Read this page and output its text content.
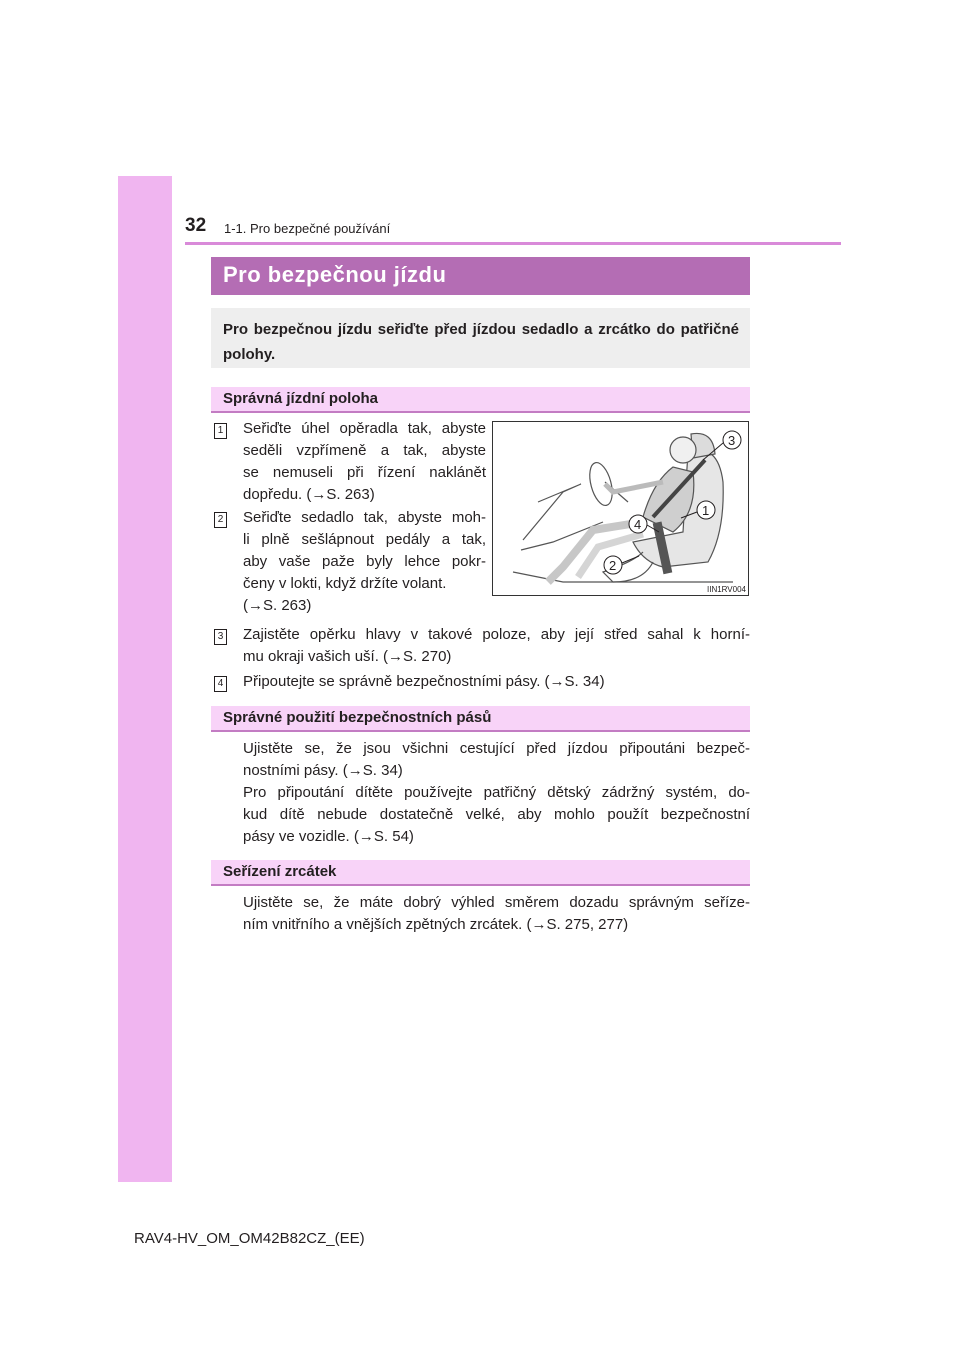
32 1-1. Pro bezpečné používání
Pro bezpečnou jízdu
Pro bezpečnou jízdu seřiďte před jízdou sedadlo a zrcátko do patřičné polohy.
Správná jízdní poloha
1 Seřiďte úhel opěradla tak, abyste
seděli vzpřímeně a tak, abyste
se nemuseli při řízení naklánět
dopředu. (→S. 263)
2 Seřiďte sedadlo tak, abyste moh-
li plně sešlápnout pedály a tak,
aby vaše paže byly lehce pokr-
čeny v lokti, když držíte volant.
(→S. 263)
3 Zajistěte opěrku hlavy v takové poloze, aby její střed sahal k horní-
mu okraji vašich uší. (→S. 270)
4 Připoutejte se správně bezpečnostními pásy. (→S. 34)
3
1
4
2
IIN1RV004
Správné použití bezpečnostních pásů
Ujistěte se, že jsou všichni cestující před jízdou připoutáni bezpeč-
nostními pásy. (→S. 34)
Pro připoutání dítěte používejte patřičný dětský zádržný systém, do-
kud dítě nebude dostatečně velké, aby mohlo použít bezpečnostní
pásy ve vozidle. (→S. 54)
Seřízení zrcátek
Ujistěte se, že máte dobrý výhled směrem dozadu správným seříze-
ním vnitřního a vnějších zpětných zrcátek. (→S. 275, 277)
RAV4-HV_OM_OM42B82CZ_(EE)
